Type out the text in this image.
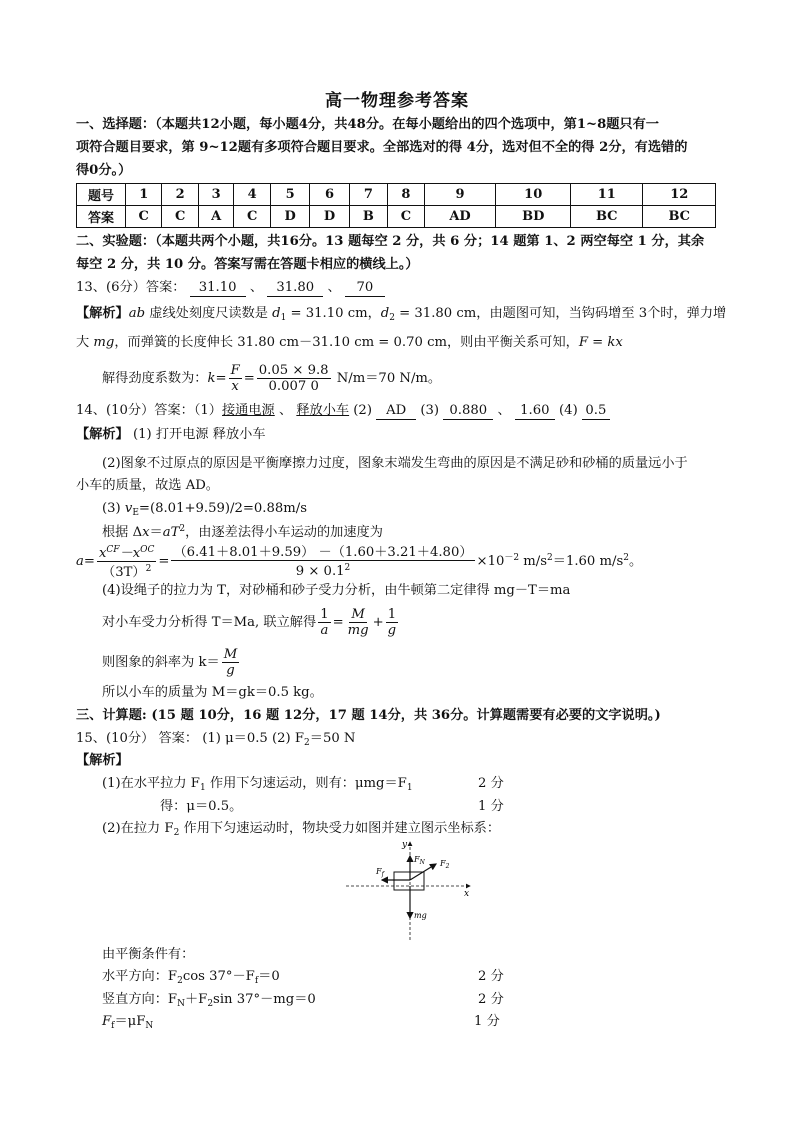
高一物理参考答案
一、选择题：（本题共12小题，每小题4分，共48分。在每小题给出的四个选项中，第1~8题只有一
项符合题目要求，第 9~12题有多项符合题目要求。全部选对的得 4分，选对但不全的得 2分，有选错的
得0分。）
题号	1	2	3	4	5	6	7	8	9	10	11	12
答案	C	C	A	C	D	D	B	C	AD	BD	BC	BC
二、实验题：（本题共两个小题，共16分。13 题每空 2 分，共 6 分；14 题第 1、2 两空每空 1 分，其余
每空 2 分，共 10 分。答案写需在答题卡相应的横线上。）
13、(6分）答案： 31.10 、 31.80 、 70
【解析】ab 虚线处刻度尺读数是 $d_1 = 31.10$ cm，$d_2 = 31.80$ cm，由题图可知，当钩码增至 3个时，弹力增
大 mg，而弹簧的长度伸长 31.80 cm－31.10 cm = 0.70 cm，则由平衡关系可知，F = kx
解得劲度系数为：$k= \frac{F}{x} = \frac{0.05 \times 9.8}{0.007 0} N/m=70$ N/m。
14、(10分）答案：（1）接通电源 、 释放小车 (2) AD (3) 0.880 、 1.60 (4) 0.5
【解析】 (1) 打开电源 释放小车
(2)图象不过原点的原因是平衡摩擦力过度，图象末端发生弯曲的原因是不满足砂和砂桶的质量远小于
小车的质量，故选 AD。
(3) $v_E=(8.01+9.59)/2=0.88m/s$
根据 $\Delta x=aT^2$，由逐差法得小车运动的加速度为
$a= \frac{x^{CF}-x^{OC}}{(3T)^2} = \frac{(6.41+8.01+9.59) -(1.60+3.21+4.80)}{9 \times 0.1^2} \times 10^{-2}$ $m/s^2=1.60$ $m/s^2$。
(4)设绳子的拉力为 T，对砂桶和砂子受力分析，由牛顿第二定律得 mg－T＝ma
对小车受力分析得 T＝Ma, 联立解得 $\frac{1}{a} = \frac{M}{mg} + \frac{1}{g}$
则图象的斜率为 $k= \frac{M}{g}$
所以小车的质量为 M＝gk＝0.5 kg。
三、计算题: (15 题 10分，16 题 12分，17 题 14分，共 36分。计算题需要有必要的文字说明。)
15、(10分） 答案： (1) μ＝0.5 (2) $F_2=50$ N
【解析】
(1)在水平拉力 $F_1$ 作用下匀速运动，则有：$\mu mg=F_1$	2 分
得：μ＝0.5。	1 分
(2)在拉力 $F_2$ 作用下匀速运动时，物块受力如图并建立图示坐标系：
y
x
$F_N$ $F_2$
$F_f$
mg
由平衡条件有：
水平方向：$F_2\cos$ $37^\circ-F_f=0$	2 分
竖直方向：$F_N+F_2\sin$ 37°－mg＝0	2 分
$F_f=\mu F_N$	1 分
